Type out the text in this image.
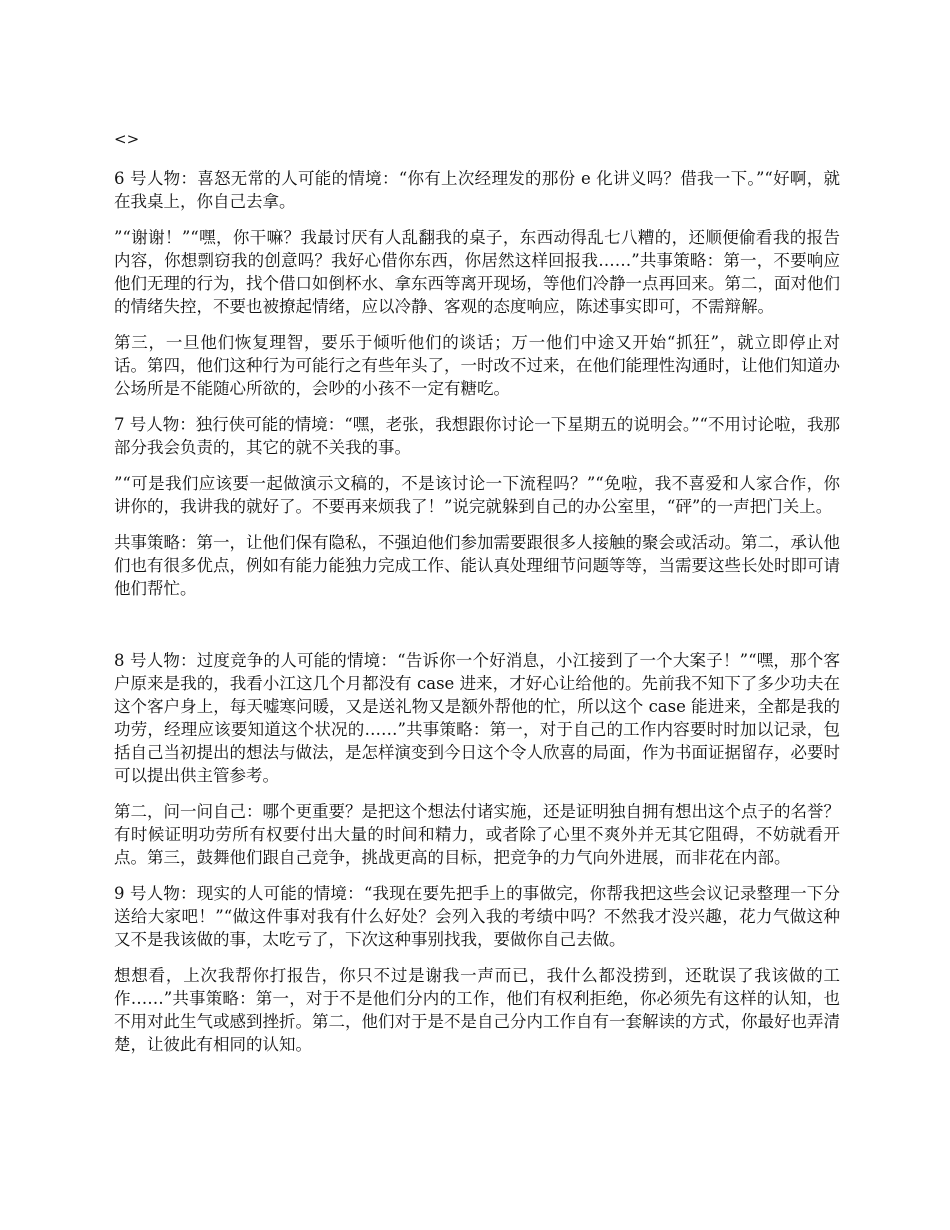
<>

6 号人物：喜怒无常的人可能的情境：“你有上次经理发的那份 e 化讲义吗？借我一下。”“好啊，就在我桌上，你自己去拿。

”“谢谢！”“嘿，你干嘛？我最讨厌有人乱翻我的桌子，东西动得乱七八糟的，还顺便偷看我的报告内容，你想剽窃我的创意吗？我好心借你东西，你居然这样回报我……”共事策略：第一，不要响应他们无理的行为，找个借口如倒杯水、拿东西等离开现场，等他们冷静一点再回来。第二，面对他们的情绪失控，不要也被撩起情绪，应以冷静、客观的态度响应，陈述事实即可，不需辩解。

第三，一旦他们恢复理智，要乐于倾听他们的谈话；万一他们中途又开始“抓狂”，就立即停止对话。第四，他们这种行为可能行之有些年头了，一时改不过来，在他们能理性沟通时，让他们知道办公场所是不能随心所欲的，会吵的小孩不一定有糖吃。

7 号人物：独行侠可能的情境：“嘿，老张，我想跟你讨论一下星期五的说明会。”“不用讨论啦，我那部分我会负责的，其它的就不关我的事。

”“可是我们应该要一起做演示文稿的，不是该讨论一下流程吗？”“免啦，我不喜爱和人家合作，你讲你的，我讲我的就好了。不要再来烦我了！”说完就躲到自己的办公室里，“砰”的一声把门关上。

共事策略：第一，让他们保有隐私，不强迫他们参加需要跟很多人接触的聚会或活动。第二，承认他们也有很多优点，例如有能力能独力完成工作、能认真处理细节问题等等，当需要这些长处时即可请他们帮忙。

8 号人物：过度竞争的人可能的情境：“告诉你一个好消息，小江接到了一个大案子！”“嘿，那个客户原来是我的，我看小江这几个月都没有 case 进来，才好心让给他的。先前我不知下了多少功夫在这个客户身上，每天嘘寒问暖，又是送礼物又是额外帮他的忙，所以这个 case 能进来，全都是我的功劳，经理应该要知道这个状况的……”共事策略：第一，对于自己的工作内容要时时加以记录，包括自己当初提出的想法与做法，是怎样演变到今日这个令人欣喜的局面，作为书面证据留存，必要时可以提出供主管参考。

第二，问一问自己：哪个更重要？是把这个想法付诸实施，还是证明独自拥有想出这个点子的名誉？有时候证明功劳所有权要付出大量的时间和精力，或者除了心里不爽外并无其它阻碍，不妨就看开点。第三，鼓舞他们跟自己竞争，挑战更高的目标，把竞争的力气向外进展，而非花在内部。

9 号人物：现实的人可能的情境：“我现在要先把手上的事做完，你帮我把这些会议记录整理一下分送给大家吧！”“做这件事对我有什么好处？会列入我的考绩中吗？不然我才没兴趣，花力气做这种又不是我该做的事，太吃亏了，下次这种事别找我，要做你自己去做。

想想看，上次我帮你打报告，你只不过是谢我一声而已，我什么都没捞到，还耽误了我该做的工作……”共事策略：第一，对于不是他们分内的工作，他们有权利拒绝，你必须先有这样的认知，也不用对此生气或感到挫折。第二，他们对于是不是自己分内工作自有一套解读的方式，你最好也弄清楚，让彼此有相同的认知。
